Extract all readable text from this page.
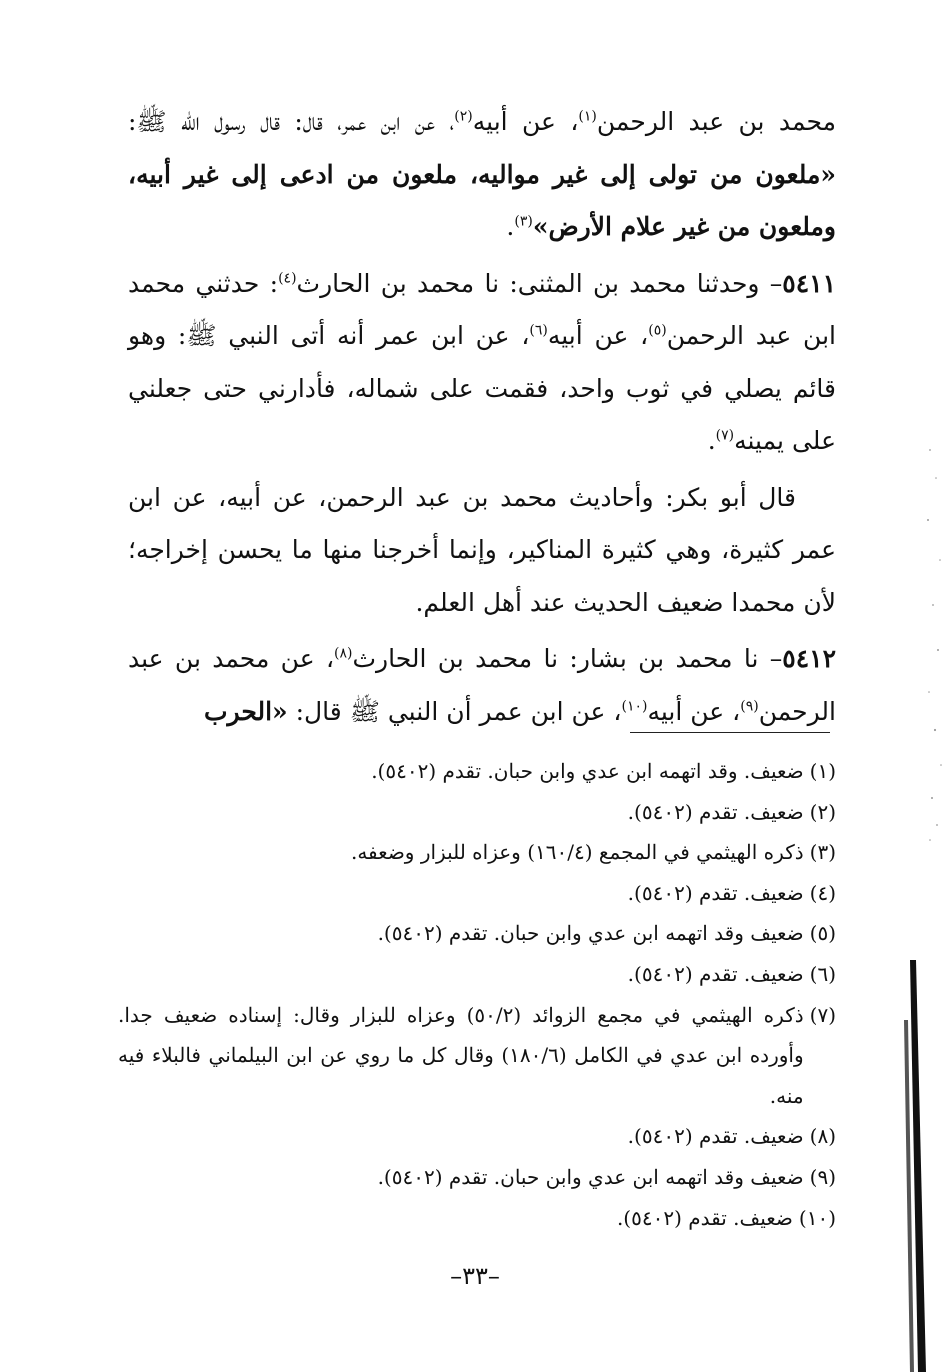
محمد بن عبد الرحمن$^{(١)}$، عن أبيه$^{(٢)}$، عن ابن عمر، قال: قال رسول الله ﷺ: «ملعون من تولى إلى غير مواليه، ملعون من ادعى إلى غير أبيه، وملعون من غير علام الأرض»$^{(٣)}$.

٥٤١١– وحدثنا محمد بن المثنى: نا محمد بن الحارث$^{(٤)}$: حدثني محمد ابن عبد الرحمن$^{(٥)}$، عن أبيه$^{(٦)}$، عن ابن عمر أنه أتى النبي ﷺ: وهو قائم يصلي في ثوب واحد، فقمت على شماله، فأدارني حتى جعلني على يمينه$^{(٧)}$.

قال أبو بكر: وأحاديث محمد بن عبد الرحمن، عن أبيه، عن ابن عمر كثيرة، وهي كثيرة المناكير، وإنما أخرجنا منها ما يحسن إخراجه؛ لأن محمدا ضعيف الحديث عند أهل العلم.

٥٤١٢– نا محمد بن بشار: نا محمد بن الحارث$^{(٨)}$، عن محمد بن عبد الرحمن$^{(٩)}$، عن أبيه$^{(١٠)}$، عن ابن عمر أن النبي ﷺ قال: «الحرب

(١)
ضعيف. وقد اتهمه ابن عدي وابن حبان. تقدم (٥٤٠٢).
(٢)
ضعيف. تقدم (٥٤٠٢).
(٣)
ذكره الهيثمي في المجمع (١٦٠/٤) وعزاه للبزار وضعفه.
(٤)
ضعيف. تقدم (٥٤٠٢).
(٥)
ضعيف وقد اتهمه ابن عدي وابن حبان. تقدم (٥٤٠٢).
(٦)
ضعيف. تقدم (٥٤٠٢).
(٧)
ذكره الهيثمي في مجمع الزوائد (٥٠/٢) وعزاه للبزار وقال: إسناده ضعيف جدا. وأورده ابن عدي في الكامل (١٨٠/٦) وقال كل ما روي عن ابن البيلماني فالبلاء فيه منه.
(٨)
ضعيف. تقدم (٥٤٠٢).
(٩)
ضعيف وقد اتهمه ابن عدي وابن حبان. تقدم (٥٤٠٢).
(١٠)
ضعيف. تقدم (٥٤٠٢).
–٣٣–
